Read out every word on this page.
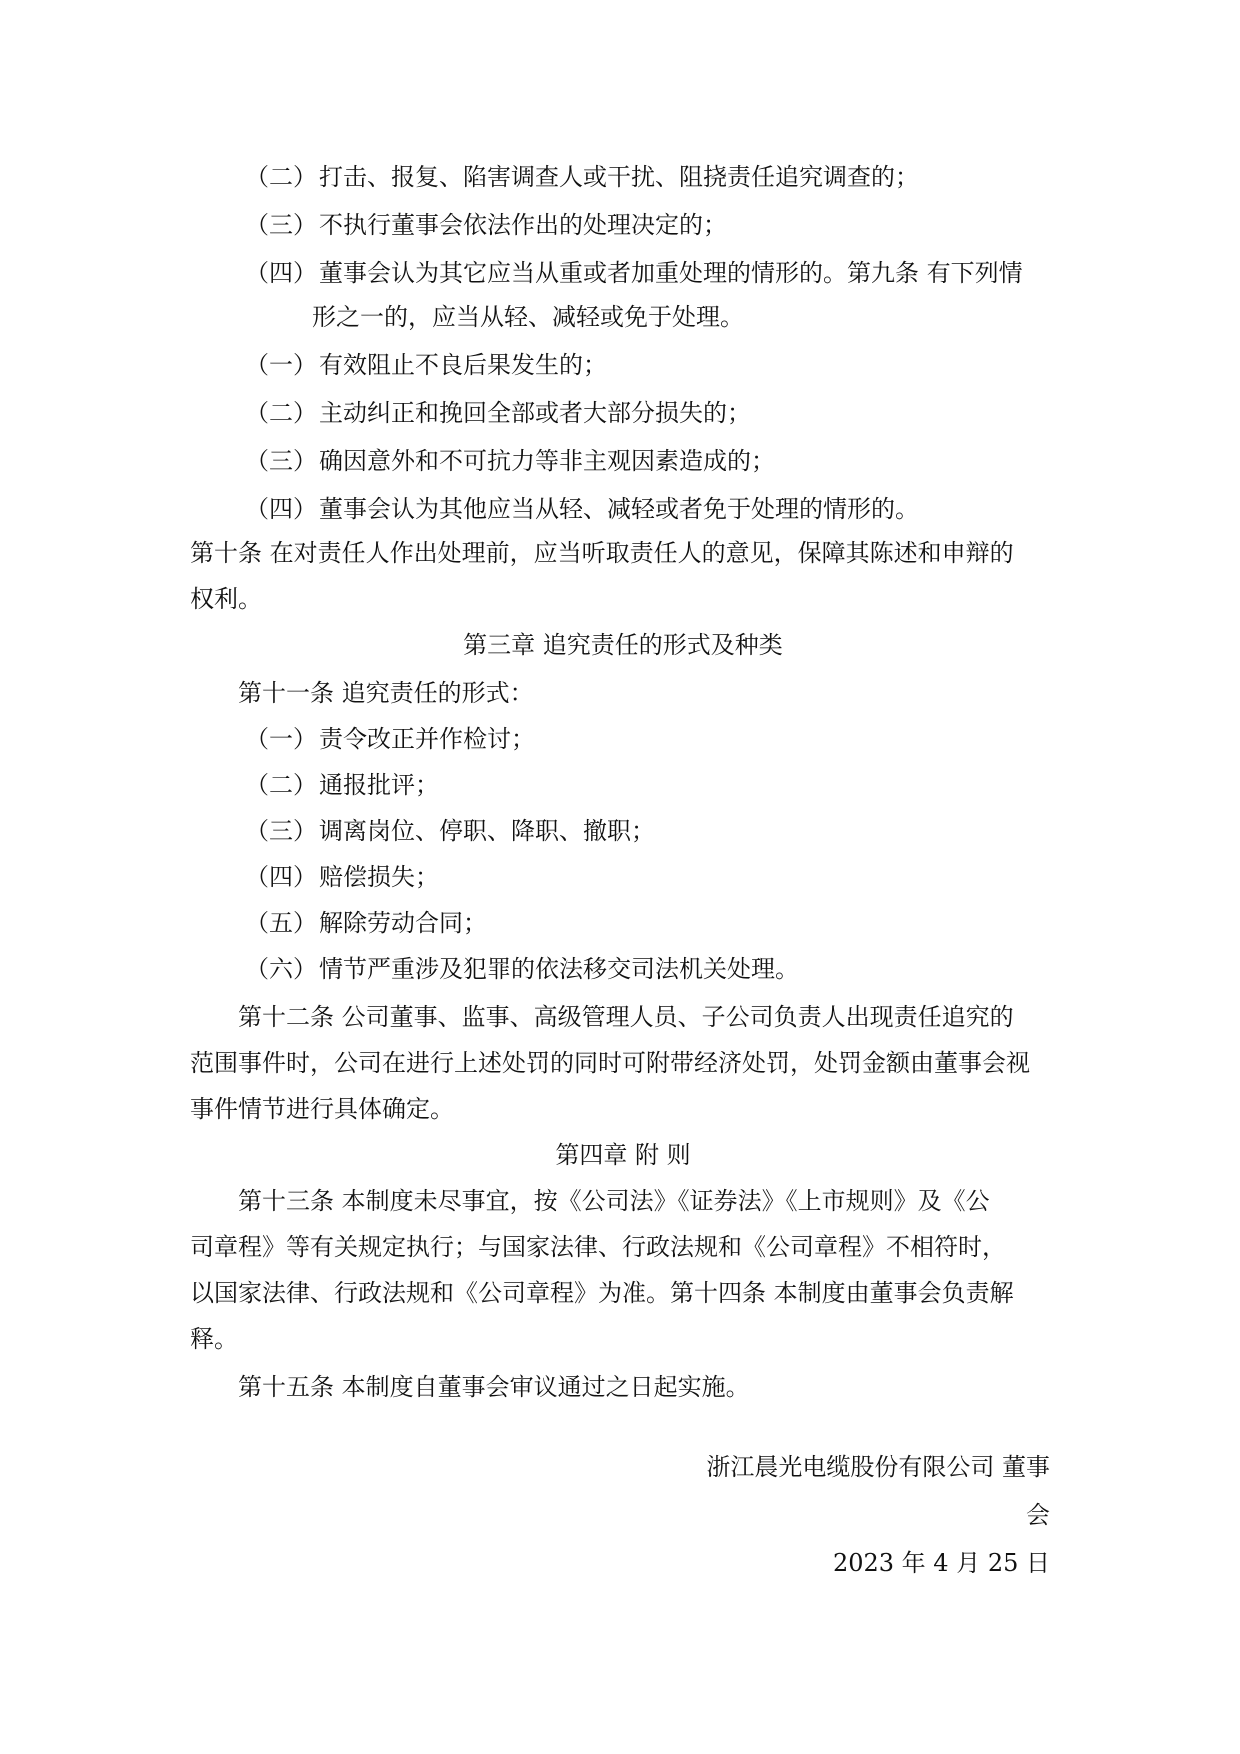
（二）打击、报复、陷害调查人或干扰、阻挠责任追究调查的；
（三）不执行董事会依法作出的处理决定的；
（四）董事会认为其它应当从重或者加重处理的情形的。第九条 有下列情
形之一的，应当从轻、减轻或免于处理。
（一）有效阻止不良后果发生的；
（二）主动纠正和挽回全部或者大部分损失的；
（三）确因意外和不可抗力等非主观因素造成的；
（四）董事会认为其他应当从轻、减轻或者免于处理的情形的。
第十条 在对责任人作出处理前，应当听取责任人的意见，保障其陈述和申辩的
权利。
第三章 追究责任的形式及种类
第十一条 追究责任的形式：
（一）责令改正并作检讨；
（二）通报批评；
（三）调离岗位、停职、降职、撤职；
（四）赔偿损失；
（五）解除劳动合同；
（六）情节严重涉及犯罪的依法移交司法机关处理。
第十二条 公司董事、监事、高级管理人员、子公司负责人出现责任追究的
范围事件时，公司在进行上述处罚的同时可附带经济处罚，处罚金额由董事会视
事件情节进行具体确定。
第四章 附 则
第十三条 本制度未尽事宜，按《公司法》《证券法》《上市规则》及《公
司章程》等有关规定执行；与国家法律、行政法规和《公司章程》不相符时，
以国家法律、行政法规和《公司章程》为准。第十四条 本制度由董事会负责解
释。
第十五条 本制度自董事会审议通过之日起实施。
浙江晨光电缆股份有限公司 董事
会
2023 年 4 月 25 日
